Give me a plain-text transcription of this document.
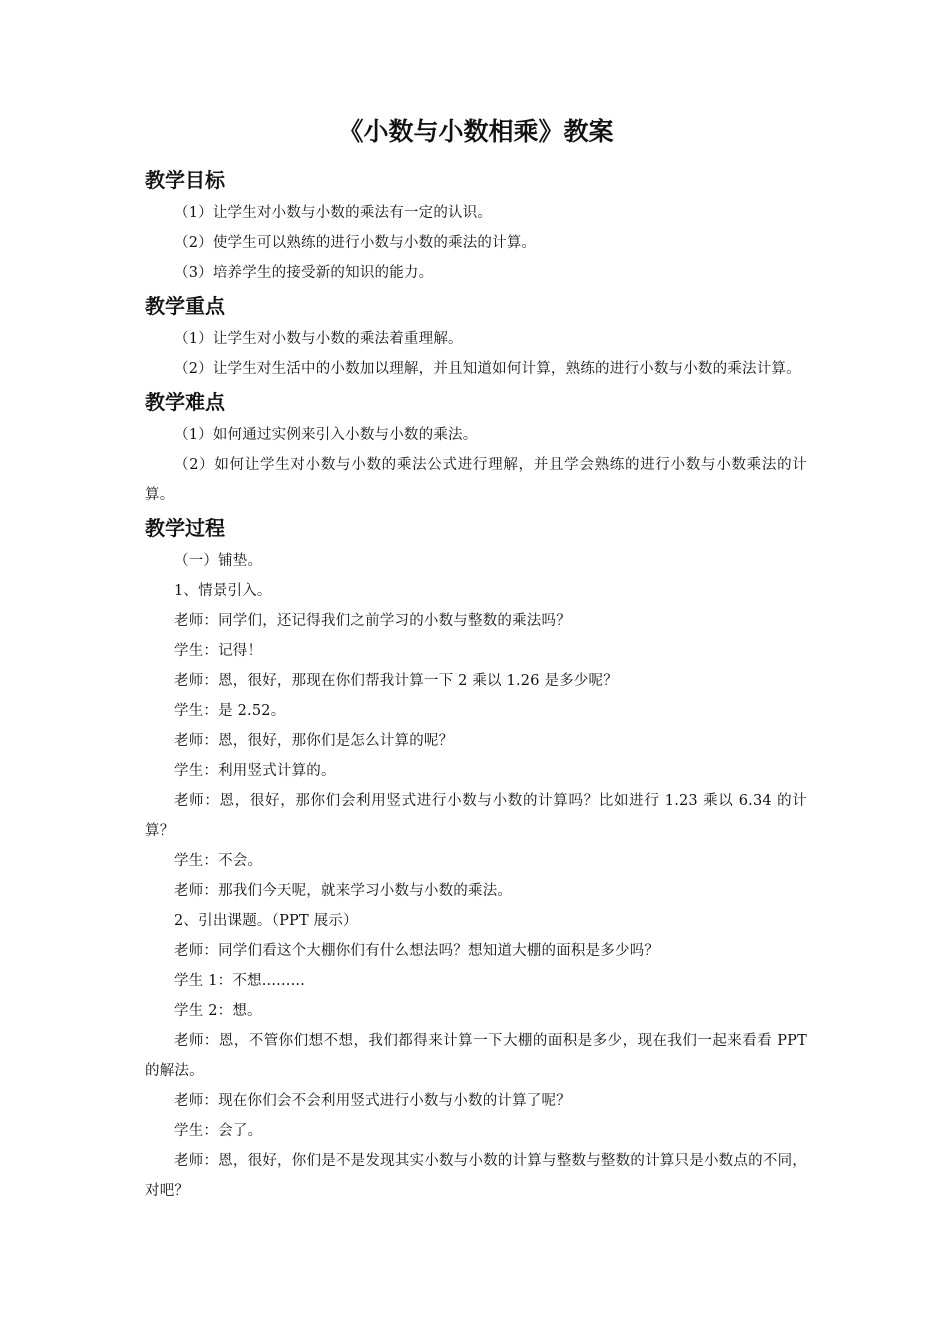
《小数与小数相乘》教案
教学目标

（1）让学生对小数与小数的乘法有一定的认识。

（2）使学生可以熟练的进行小数与小数的乘法的计算。

（3）培养学生的接受新的知识的能力。

教学重点

（1）让学生对小数与小数的乘法着重理解。

（2）让学生对生活中的小数加以理解，并且知道如何计算，熟练的进行小数与小数的乘法计算。

教学难点

（1）如何通过实例来引入小数与小数的乘法。

（2）如何让学生对小数与小数的乘法公式进行理解，并且学会熟练的进行小数与小数乘法的计算。

教学过程

（一）铺垫。

1、情景引入。

老师：同学们，还记得我们之前学习的小数与整数的乘法吗？

学生：记得！

老师：恩，很好，那现在你们帮我计算一下 2 乘以 1.26 是多少呢？

学生：是 2.52。

老师：恩，很好，那你们是怎么计算的呢？

学生：利用竖式计算的。

老师：恩，很好，那你们会利用竖式进行小数与小数的计算吗？比如进行 1.23 乘以 6.34 的计算？

学生：不会。

老师：那我们今天呢，就来学习小数与小数的乘法。

2、引出课题。（PPT 展示）

老师：同学们看这个大棚你们有什么想法吗？想知道大棚的面积是多少吗？

学生 1：不想.........

学生 2：想。

老师：恩，不管你们想不想，我们都得来计算一下大棚的面积是多少，现在我们一起来看看 PPT 的解法。

老师：现在你们会不会利用竖式进行小数与小数的计算了呢？

学生：会了。

老师：恩，很好，你们是不是发现其实小数与小数的计算与整数与整数的计算只是小数点的不同，对吧？
